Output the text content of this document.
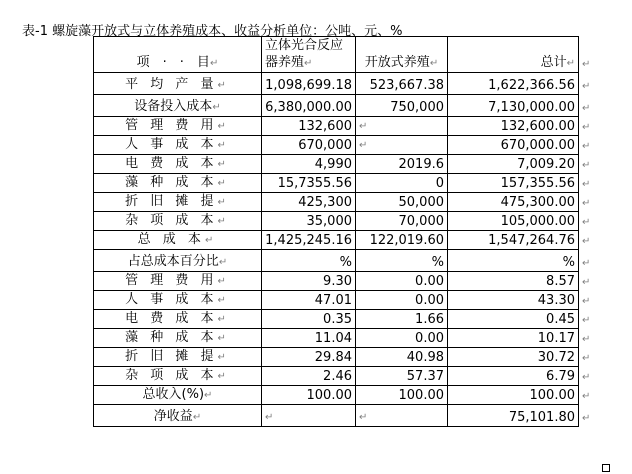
表-1 螺旋藻开放式与立体养殖成本、收益分析单位：公吨、元、%
项　·　·　目↵	立体光合反应器养殖↵	开放式养殖↵	总计↵	↵
平 均 产 量↵	1,098,699.18	523,667.38	1,622,366.56	↵
设备投入成本↵	6,380,000.00	750,000	7,130,000.00	↵
管 理 费 用↵	132,600	↵	132,600.00	↵
人 事 成 本↵	670,000	↵	670,000.00	↵
电 费 成 本↵	4,990	2019.6	7,009.20	↵
藻 种 成 本↵	15,7355.56	0	157,355.56	↵
折 旧 摊 提↵	425,300	50,000	475,300.00	↵
杂 项 成 本↵	35,000	70,000	105,000.00	↵
总 成 本↵	1,425,245.16	122,019.60	1,547,264.76	↵
占总成本百分比↵	%	%	%	↵
管 理 费 用↵	9.30	0.00	8.57	↵
人 事 成 本↵	47.01	0.00	43.30	↵
电 费 成 本↵	0.35	1.66	0.45	↵
藻 种 成 本↵	11.04	0.00	10.17	↵
折 旧 摊 提↵	29.84	40.98	30.72	↵
杂 项 成 本↵	2.46	57.37	6.79	↵
总收入(%)↵	100.00	100.00	100.00	↵
净收益↵	↵	↵	75,101.80	↵
